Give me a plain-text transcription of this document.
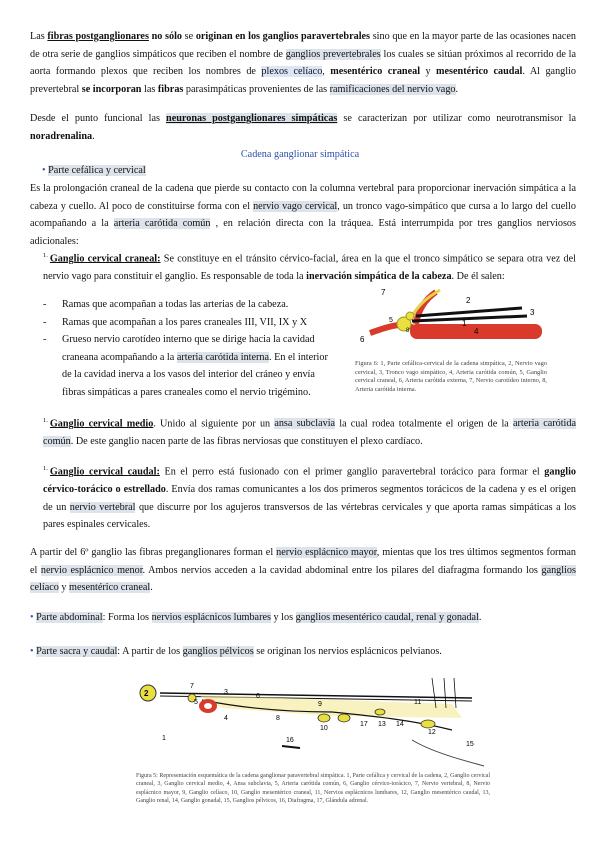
Las fibras postganglionares no sólo se originan en los ganglios paravertebrales sino que en la mayor parte de las ocasiones nacen de otra serie de ganglios simpáticos que reciben el nombre de ganglios prevertebrales los cuales se sitúan próximos al recorrido de la aorta formando plexos que reciben los nombres de plexos celíaco, mesentérico craneal y mesentérico caudal. Al ganglio prevertebral se incorporan las fibras parasimpáticas provenientes de las ramificaciones del nervio vago.

Desde el punto funcional las neuronas postganglionares simpáticas se caracterizan por utilizar como neurotransmisor la noradrenalina.

Cadena ganglionar simpática

• Parte cefálica y cervical

Es la prolongación craneal de la cadena que pierde su contacto con la columna vertebral para proporcionar inervación simpática a la cabeza y cuello. Al poco de constituirse forma con el nervio vago cervical, un tronco vago-simpático que cursa a lo largo del cuello acompañando a la arteria carótida común , en relación directa con la tráquea. Está interrumpida por tres ganglios nerviosos adicionales:

$^{1.}$ Ganglio cervical craneal: Se constituye en el tránsito cérvico-facial, área en la que el tronco simpático se separa otra vez del nervio vago para constituir el ganglio. Es responsable de toda la inervación simpática de la cabeza. De él salen:

- Ramas que acompañan a todas las arterias de la cabeza.
- Ramas que acompañan a los pares craneales III, VII, IX y X
- Grueso nervio carotídeo interno que se dirige hacia la cavidad craneana acompañando a la arteria carótida interna. En el interior de la cavidad inerva a los vasos del interior del cráneo y envía fibras simpáticas a pares craneales como el nervio trigémino.
7
2
3
5	1
4
6
8
Figura 6: 1, Parte cefálica-cervical de la cadena simpática, 2, Nervio vago cervical, 3, Tronco vago simpático, 4, Arteria carótida común, 5, Ganglio cervical craneal, 6, Arteria carótida externa, 7, Nervio carotídeo interno, 8, Arteria carótida interna.

$^{1.}$ Ganglio cervical medio. Unido al siguiente por un ansa subclavia la cual rodea totalmente el origen de la arteria carótida común. De este ganglio nacen parte de las fibras nerviosas que constituyen el plexo cardíaco.

$^{1.}$ Ganglio cervical caudal: En el perro está fusionado con el primer ganglio paravertebral torácico para formar el ganglio cérvico-torácico o estrellado. Envía dos ramas comunicantes a los dos primeros segmentos torácicos de la cadena y es el origen de un nervio vertebral que discurre por los agujeros transversos de las vértebras cervicales y que aporta ramas simpáticas a los pares espinales cervicales.

A partir del 6º ganglio las fibras preganglionares forman el nervio esplácnico mayor, mientas que los tres últimos segmentos forman el nervio esplácnico menor. Ambos nervios acceden a la cavidad abdominal entre los pilares del diafragma formando los ganglios celíaco y mesentérico craneal.

• Parte abdominal: Forma los nervios esplácnicos lumbares y los ganglios mesentérico caudal, renal y gonadal.

• Parte sacra y caudal: A partir de los ganglios pélvicos se originan los nervios esplácnicos pelvianos.

2
7
5
3
4
1
6
8
9
10
17 13 14
11
12
15
16
Figura 5: Representación esquemática de la cadena ganglionar paravertebral simpática. 1, Parte cefálica y cervical de la cadena, 2, Ganglio cervical craneal, 3, Ganglio cervical medio, 4, Ansa subclavia, 5, Arteria carótida común, 6, Ganglio cérvico-torácico, 7, Nervio vertebral, 8, Nervio esplácnico mayor, 9, Ganglio celíaco, 10, Ganglio mesentérico craneal, 11, Nervios esplácnicos lumbares, 12, Ganglio mesentérico caudal, 13, Ganglio renal, 14, Ganglio gonadal, 15, Ganglios pélvicos, 16, Diafragma, 17, Glándula adrenal.
